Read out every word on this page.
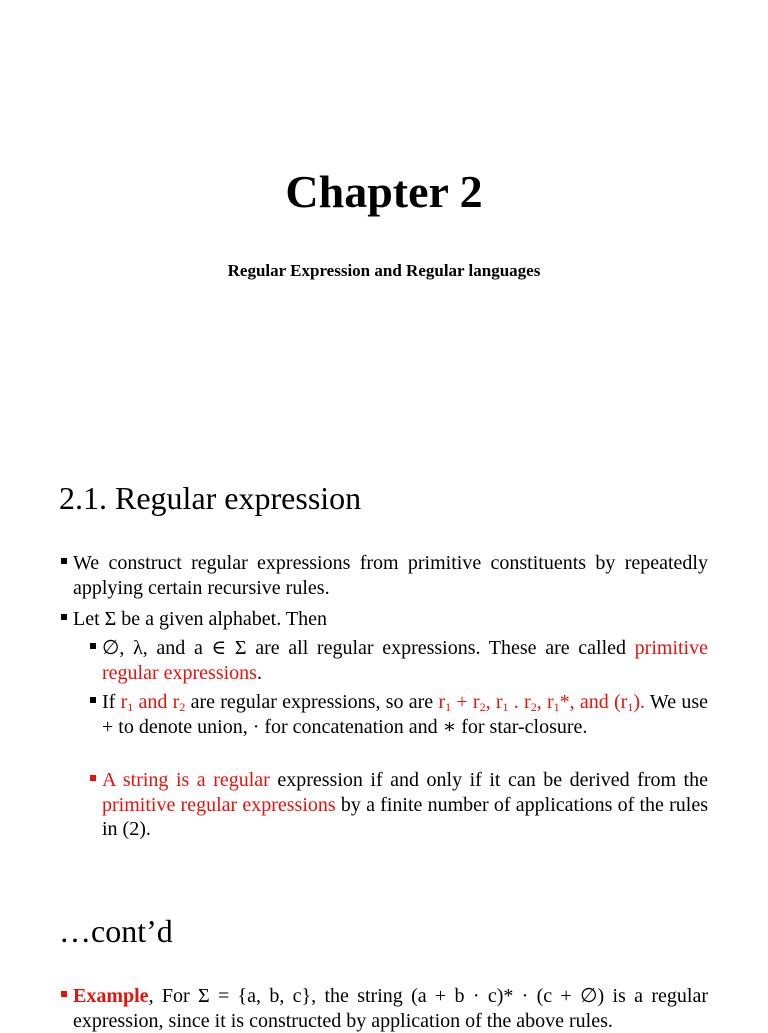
Chapter 2
Regular Expression and Regular languages
2.1. Regular expression
We construct regular expressions from primitive constituents by repeatedly applying certain recursive rules.
Let Σ be a given alphabet. Then
∅, λ, and a ∈ Σ are all regular expressions. These are called primitive regular expressions.
If $r_1$ and $r_2$ are regular expressions, so are $r_1 + r_2$, $r_1$ . $r_2$, $r_1*$, and $(r_1)$. We use + to denote union, · for concatenation and ∗ for star-closure.
A string is a regular expression if and only if it can be derived from the primitive regular expressions by a finite number of applications of the rules in (2).
…cont’d
Example, For Σ = {a, b, c}, the string (a + b · c)* · (c + ∅) is a regular expression, since it is constructed by application of the above rules.
